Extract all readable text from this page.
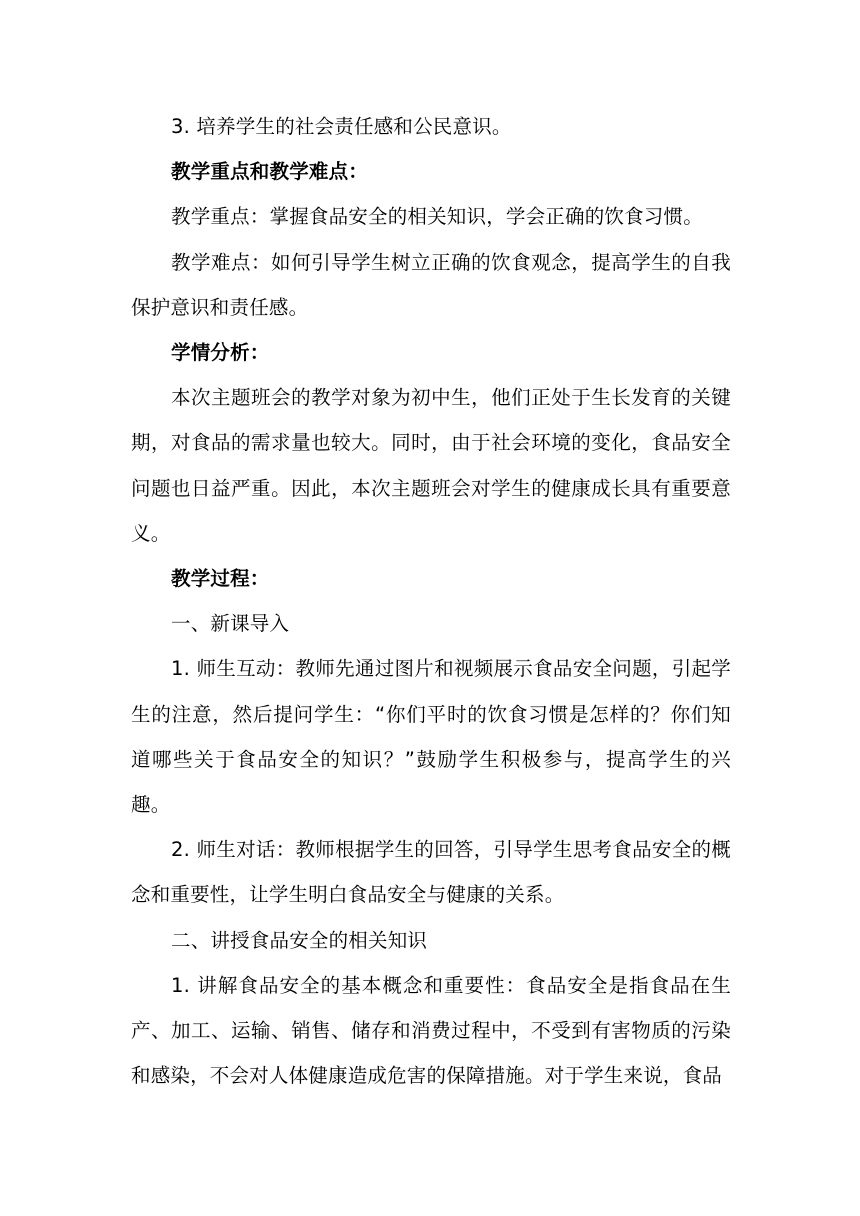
3. 培养学生的社会责任感和公民意识。

教学重点和教学难点：

教学重点：掌握食品安全的相关知识，学会正确的饮食习惯。

教学难点：如何引导学生树立正确的饮食观念，提高学生的自我保护意识和责任感。

学情分析：

本次主题班会的教学对象为初中生，他们正处于生长发育的关键期，对食品的需求量也较大。同时，由于社会环境的变化，食品安全问题也日益严重。因此，本次主题班会对学生的健康成长具有重要意义。

教学过程：

一、新课导入

1. 师生互动：教师先通过图片和视频展示食品安全问题，引起学生的注意，然后提问学生：“你们平时的饮食习惯是怎样的？你们知道哪些关于食品安全的知识？”鼓励学生积极参与，提高学生的兴趣。

2. 师生对话：教师根据学生的回答，引导学生思考食品安全的概念和重要性，让学生明白食品安全与健康的关系。

二、讲授食品安全的相关知识

1. 讲解食品安全的基本概念和重要性：食品安全是指食品在生产、加工、运输、销售、储存和消费过程中，不受到有害物质的污染和感染，不会对人体健康造成危害的保障措施。对于学生来说，食品
